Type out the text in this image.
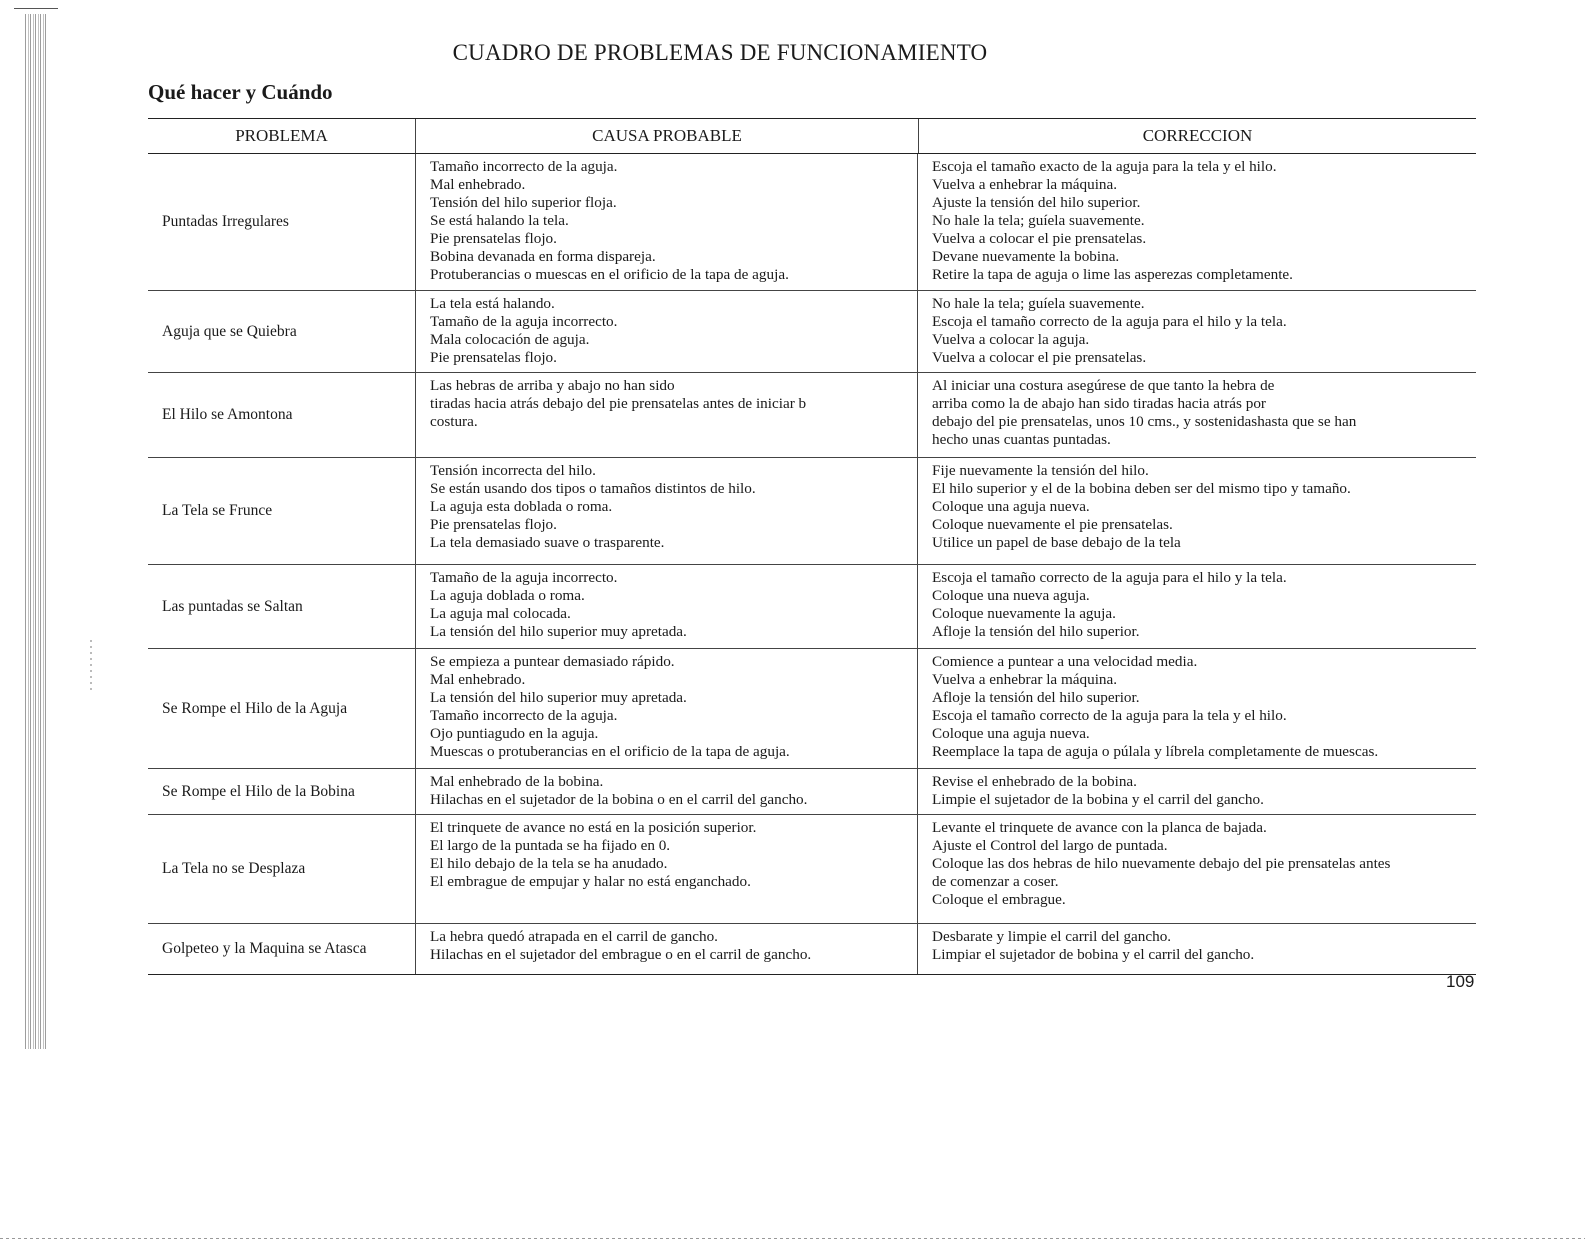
CUADRO DE PROBLEMAS DE FUNCIONAMIENTO
Qué hacer y Cuándo
PROBLEMA	CAUSA PROBABLE	CORRECCION
Puntadas Irregulares
Tamaño incorrecto de la aguja.
Mal enhebrado.
Tensión del hilo superior floja.
Se está halando la tela.
Pie prensatelas flojo.
Bobina devanada en forma dispareja.
Protuberancias o muescas en el orificio de la tapa de aguja.
Escoja el tamaño exacto de la aguja para la tela y el hilo.
Vuelva a enhebrar la máquina.
Ajuste la tensión del hilo superior.
No hale la tela; guíela suavemente.
Vuelva a colocar el pie prensatelas.
Devane nuevamente la bobina.
Retire la tapa de aguja o lime las asperezas completamente.
Aguja que se Quiebra
La tela está halando.
Tamaño de la aguja incorrecto.
Mala colocación de aguja.
Pie prensatelas flojo.
No hale la tela; guíela suavemente.
Escoja el tamaño correcto de la aguja para el hilo y la tela.
Vuelva a colocar la aguja.
Vuelva a colocar el pie prensatelas.
El Hilo se Amontona
Las hebras de arriba y abajo no han sido
tiradas hacia atrás debajo del pie prensatelas antes de iniciar b
costura.
Al iniciar una costura asegúrese de que tanto la hebra de
arriba como la de abajo han sido tiradas hacia atrás por
debajo del pie prensatelas, unos 10 cms., y sostenidashasta que se han
hecho unas cuantas puntadas.
La Tela se Frunce
Tensión incorrecta del hilo.
Se están usando dos tipos o tamaños distintos de hilo.
La aguja esta doblada o roma.
Pie prensatelas flojo.
La tela demasiado suave o trasparente.
Fije nuevamente la tensión del hilo.
El hilo superior y el de la bobina deben ser del mismo tipo y tamaño.
Coloque una aguja nueva.
Coloque nuevamente el pie prensatelas.
Utilice un papel de base debajo de la tela
Las puntadas se Saltan
Tamaño de la aguja incorrecto.
La aguja doblada o roma.
La aguja mal colocada.
La tensión del hilo superior muy apretada.
Escoja el tamaño correcto de la aguja para el hilo y la tela.
Coloque una nueva aguja.
Coloque nuevamente la aguja.
Afloje la tensión del hilo superior.
Se Rompe el Hilo de la Aguja
Se empieza a puntear demasiado rápido.
Mal enhebrado.
La tensión del hilo superior muy apretada.
Tamaño incorrecto de la aguja.
Ojo puntiagudo en la aguja.
Muescas o protuberancias en el orificio de la tapa de aguja.
Comience a puntear a una velocidad media.
Vuelva a enhebrar la máquina.
Afloje la tensión del hilo superior.
Escoja el tamaño correcto de la aguja para la tela y el hilo.
Coloque una aguja nueva.
Reemplace la tapa de aguja o púlala y líbrela completamente de muescas.
Se Rompe el Hilo de la Bobina
Mal enhebrado de la bobina.
Hilachas en el sujetador de la bobina o en el carril del gancho.
Revise el enhebrado de la bobina.
Limpie el sujetador de la bobina y el carril del gancho.
La Tela no se Desplaza
El trinquete de avance no está en la posición superior.
El largo de la puntada se ha fijado en 0.
El hilo debajo de la tela se ha anudado.
El embrague de empujar y halar no está enganchado.
Levante el trinquete de avance con la planca de bajada.
Ajuste el Control del largo de puntada.
Coloque las dos hebras de hilo nuevamente debajo del pie prensatelas antes
de comenzar a coser.
Coloque el embrague.
Golpeteo y la Maquina se Atasca
La hebra quedó atrapada en el carril de gancho.
Hilachas en el sujetador del embrague o en el carril de gancho.
Desbarate y limpie el carril del gancho.
Limpiar el sujetador de bobina y el carril del gancho.
109
